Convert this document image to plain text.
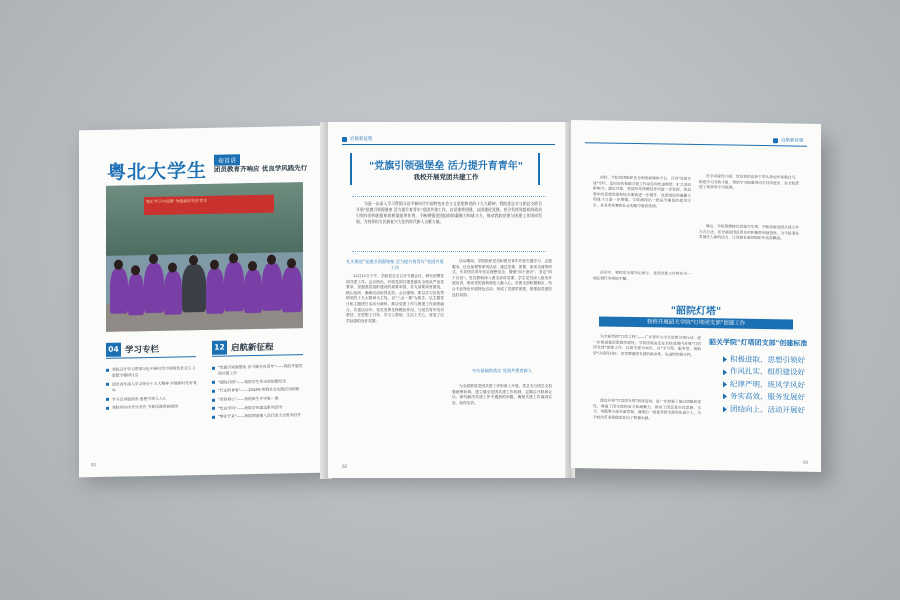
粤北大学生	卷首语
团员教育齐响应 优良学风践先行
智汇学子中国梦 争做新时代好青年
04 学习专栏	12 启航新征程
我院召开学习贯彻习近平新时代中国特色社会主义思想专题研讨会
团员青年深入学习领会十九大精神 争做新时代好青年
学习宣讲进宿舍 思想引领入人心
我院举办读书分享会 书香浸润青春校园
"党旗引领强堡垒 活力提升育青年"——我院开展党团共建工作
"韶院灯塔"——我院学生党支部创建纪实
"行走的青春"——2018年寒假社会实践活动掠影
"青春初心"——我院新生开学第一课
"优良学风"——我院学风建设系列活动
"继往开来"——我院团委第八次代表大会胜利召开
02
启航新征程
"党旗引领强堡垒 活力提升育青年"
我校开展党团共建工作
为进一步深入学习贯彻习近平新时代中国特色社会主义思想和党的十九大精神，我院党总支与团总支联合开展"党旗引领强堡垒 活力提升育青年"党团共建工作，以党建带团建，以团建促党建，充分发挥党组织的政治引领作用和团组织的桥梁纽带作用，不断增强党团组织的凝聚力和战斗力，推动我院党建与团建工作协同发展，为培养担当民族复兴大任的时代新人贡献力量。
扎实推进"党旗引领强堡垒 活力提升育青年"党团共建工作
12月21日下午，学院党总支召开专题会议，研究部署党团共建工作。会议指出，开展党团共建是落实全面从严治党要求、加强基层组织建设的重要举措，各支部要高度重视，精心组织，确保活动取得实效。会议强调，要以学习宣传贯彻党的十九大精神为主线，以"三会一课"为抓手，以主题党日和主题团日活动为载体，推动党建工作与团建工作深度融合。共建活动中，党员发挥先锋模范作用，与团员青年结对帮扶，在思想上引导、学习上帮助、生活上关心，营造了比学赶超的良好氛围。
活动期间，学院组织党员和团员青年开展专题学习、志愿服务、红色参观等系列活动，通过党课、团课、座谈交流等形式，引导团员青年坚定理想信念，增强"四个意识"，坚定"四个自信"。党员教师深入团支部讲党课，学生党员深入宿舍开展宣讲，推动党的创新理论入脑入心。各团支部积极响应，结合专业特色开展特色活动，形成了党建带团建、团建促党建的良好局面。
夯实基础抓落实 党团共建育新人
为全面推进党团共建工作的深入开展，党总支与团总支加强统筹协调，建立健全党团共建工作机制，定期召开联席会议，研究解决共建工作中遇到的问题，确保共建工作落到实处、取得实效。
02
启航新征程
同时，学院党团组织充分利用新媒体平台，开设"党团共建"专栏，及时宣传报道共建工作动态和先进典型，扩大活动影响力。通过共建，党员的先锋模范作用进一步发挥，团员青年的思想觉悟和综合素质进一步提升，党团组织的凝聚力和战斗力进一步增强。学院涌现出一批品学兼优的优秀学生，在各类竞赛和社会实践中屡获佳绩。
活动中，我院党支部书记表示，党团共建工作将作为一项长期任务常抓不懈。
在学风建设方面，党员和团员骨干带头参加早读晚自习，组建学习互助小组，帮助学习困难的同学共同进步，在全院营造了浓厚的学习氛围。
最后，学院将继续以党建为引领，不断创新党团共建工作方式方法，充分调动团员青年的积极性和创造性，为学院事业发展注入新的活力，让党旗在基层组织中高高飘扬。
"韶院灯塔"
我校开展韶关学院"灯塔团支部"创建工作
为全面贯彻"灯塔工程"——广东青年大学生思想引领行动，进一步推进基层团组织建设，学校团委决定在全校范围内开展"灯塔团支部"创建工作，以团支部为单位，以"学习型、服务型、创新型"为建设目标，切实增强团支部的政治性、先进性和群众性。
通过开展"灯塔团支部"创建活动，进一步加强了基层团组织建设，增强了团支部的活力和凝聚力，推动了团员青年在思想、学习、实践等方面全面发展，涌现出一批优秀团支部和先进个人，为学校改革发展稳定作出了积极贡献。
韶关学院"灯塔团支部"创建标准
积极进取、思想引领好
作风扎实、组织建设好
纪律严明、班风学风好
务实高效、服务发展好
团结向上、活动开展好
03
